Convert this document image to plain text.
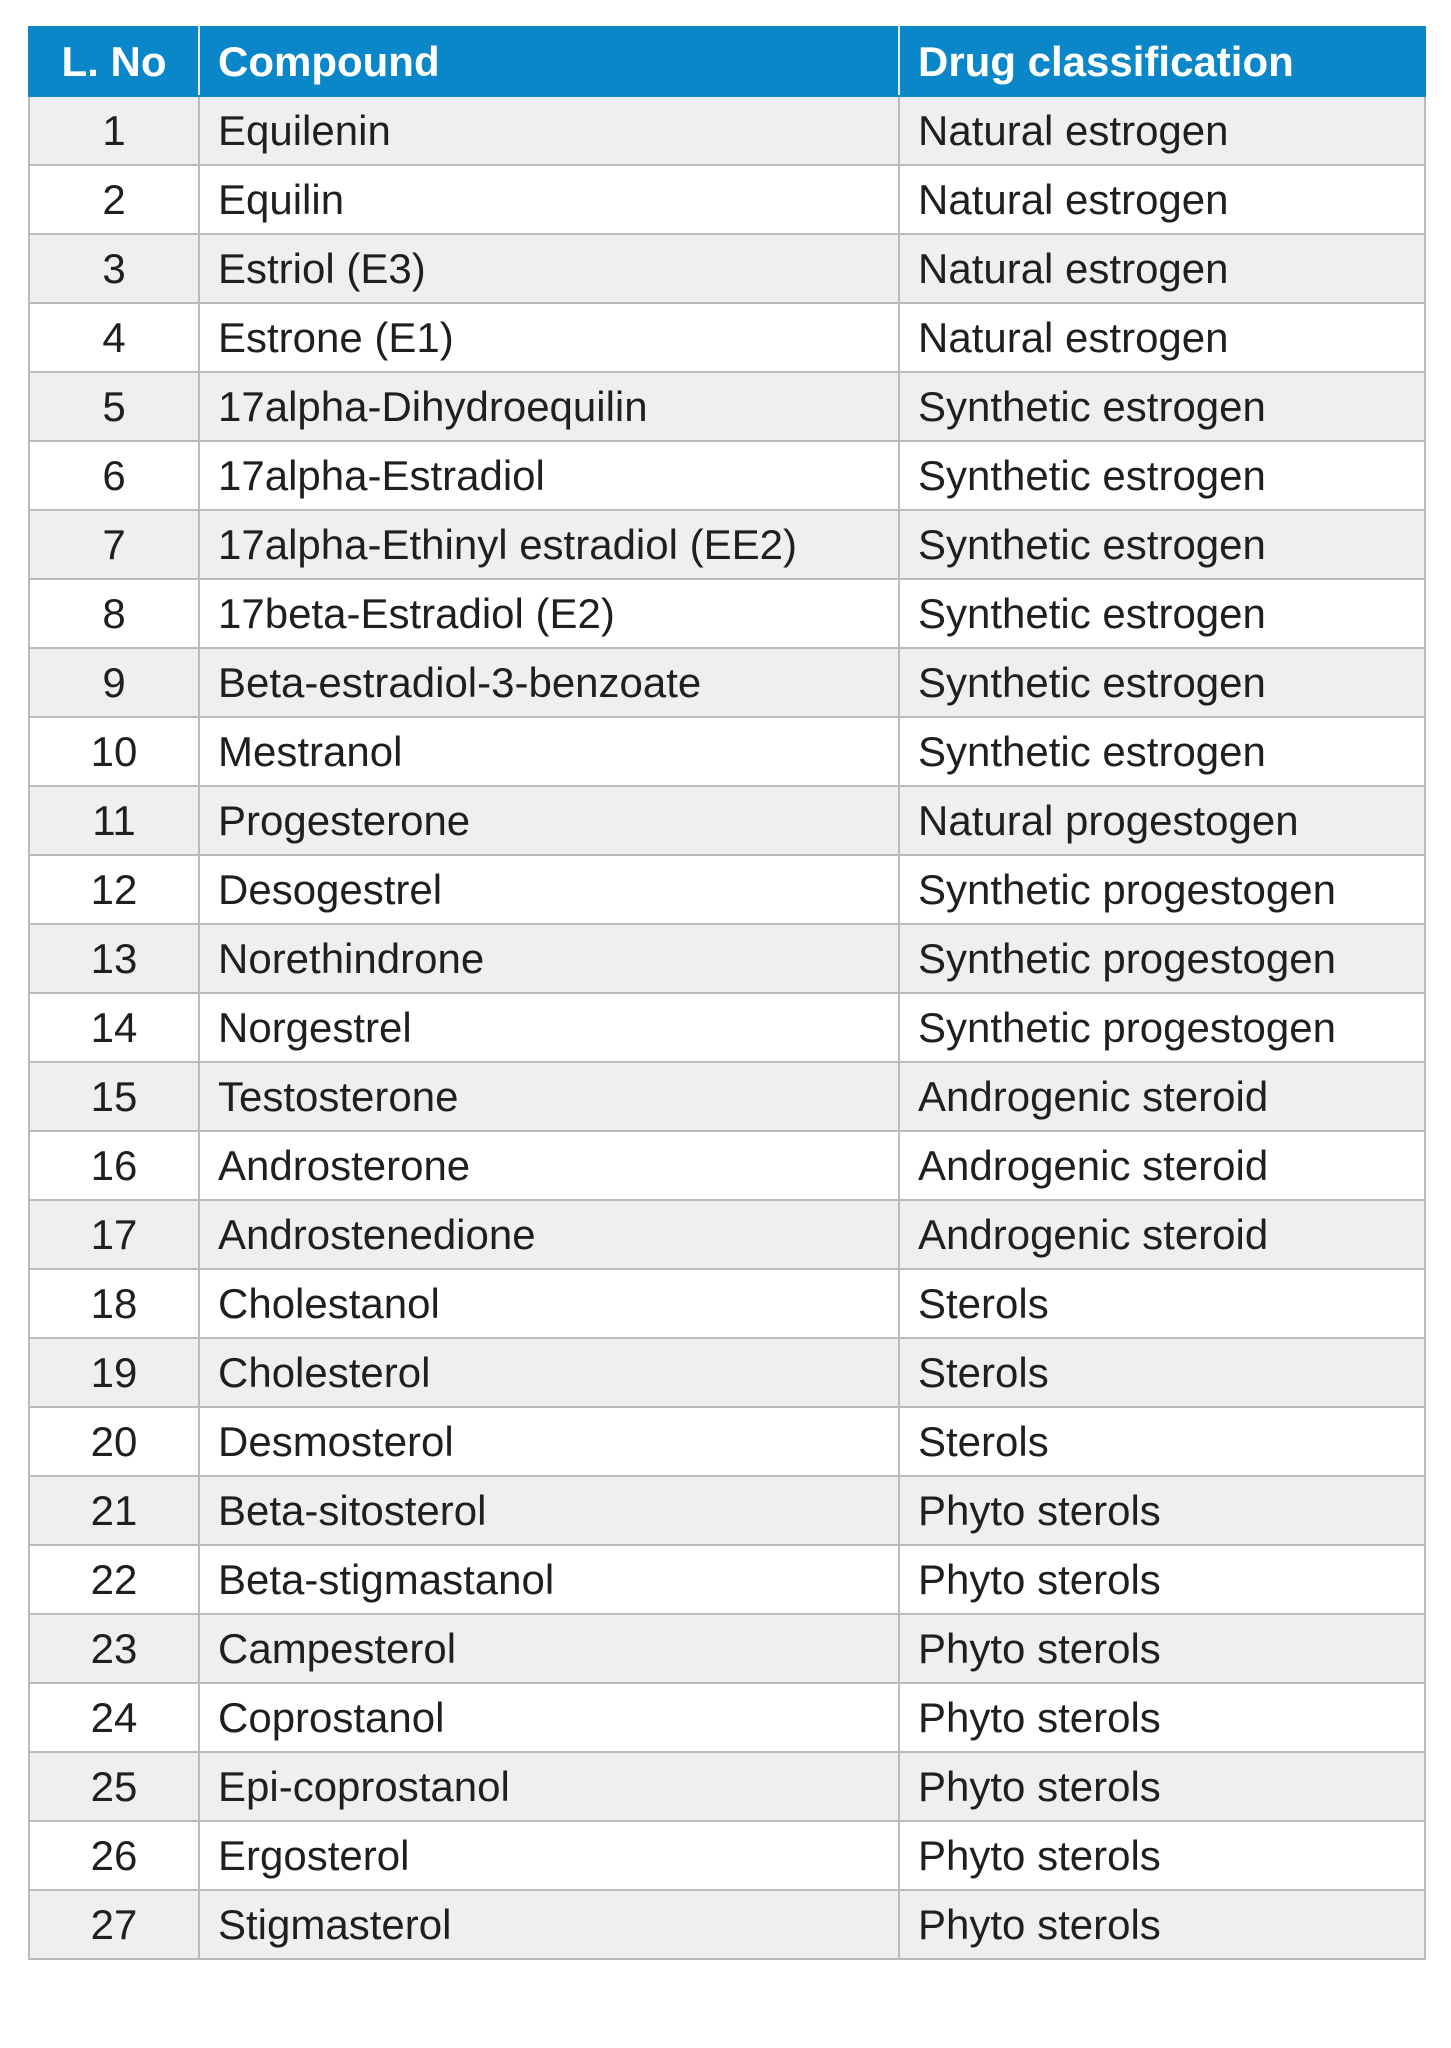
L. No	Compound	Drug classification
1	Equilenin	Natural estrogen
2	Equilin	Natural estrogen
3	Estriol (E3)	Natural estrogen
4	Estrone (E1)	Natural estrogen
5	17alpha-Dihydroequilin	Synthetic estrogen
6	17alpha-Estradiol	Synthetic estrogen
7	17alpha-Ethinyl estradiol (EE2)	Synthetic estrogen
8	17beta-Estradiol (E2)	Synthetic estrogen
9	Beta-estradiol-3-benzoate	Synthetic estrogen
10	Mestranol	Synthetic estrogen
11	Progesterone	Natural progestogen
12	Desogestrel	Synthetic progestogen
13	Norethindrone	Synthetic progestogen
14	Norgestrel	Synthetic progestogen
15	Testosterone	Androgenic steroid
16	Androsterone	Androgenic steroid
17	Androstenedione	Androgenic steroid
18	Cholestanol	Sterols
19	Cholesterol	Sterols
20	Desmosterol	Sterols
21	Beta-sitosterol	Phyto sterols
22	Beta-stigmastanol	Phyto sterols
23	Campesterol	Phyto sterols
24	Coprostanol	Phyto sterols
25	Epi-coprostanol	Phyto sterols
26	Ergosterol	Phyto sterols
27	Stigmasterol	Phyto sterols
